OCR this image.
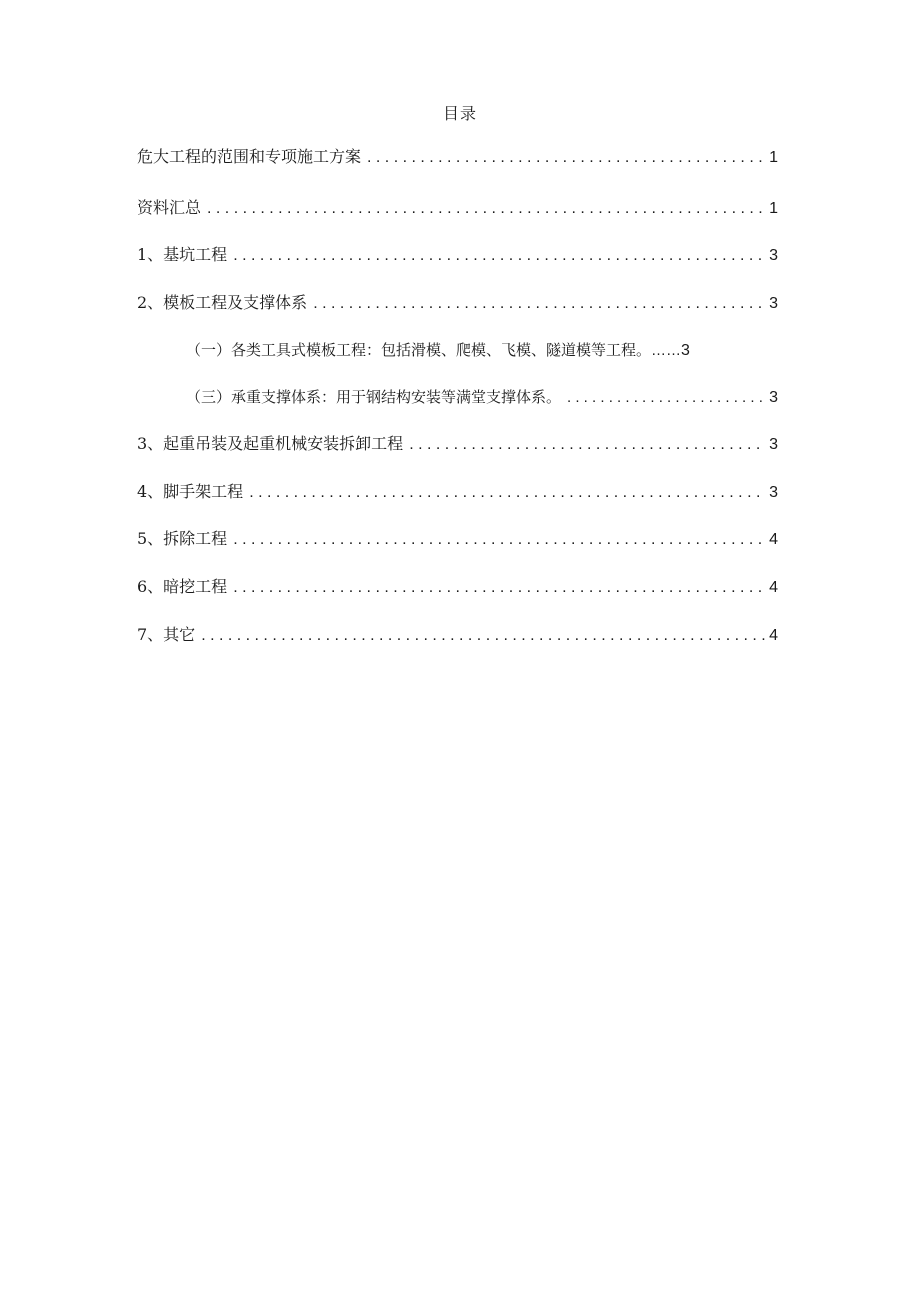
目录
危大工程的范围和专项施工方案 . . .	1
资料汇总 . . .	1
1、基坑工程 . . .	3
2、模板工程及支撑体系 . . .	3
（一）各类工具式模板工程：包括滑模、爬模、飞模、隧道模等工程。 …… 3
（三）承重支撑体系：用于钢结构安装等满堂支撑体系。 . . .	3
3、起重吊装及起重机械安装拆卸工程 . . .	3
4、脚手架工程 . . .	3
5、拆除工程 . . .	4
6、暗挖工程 . . .	4
7、其它 . . .	4
